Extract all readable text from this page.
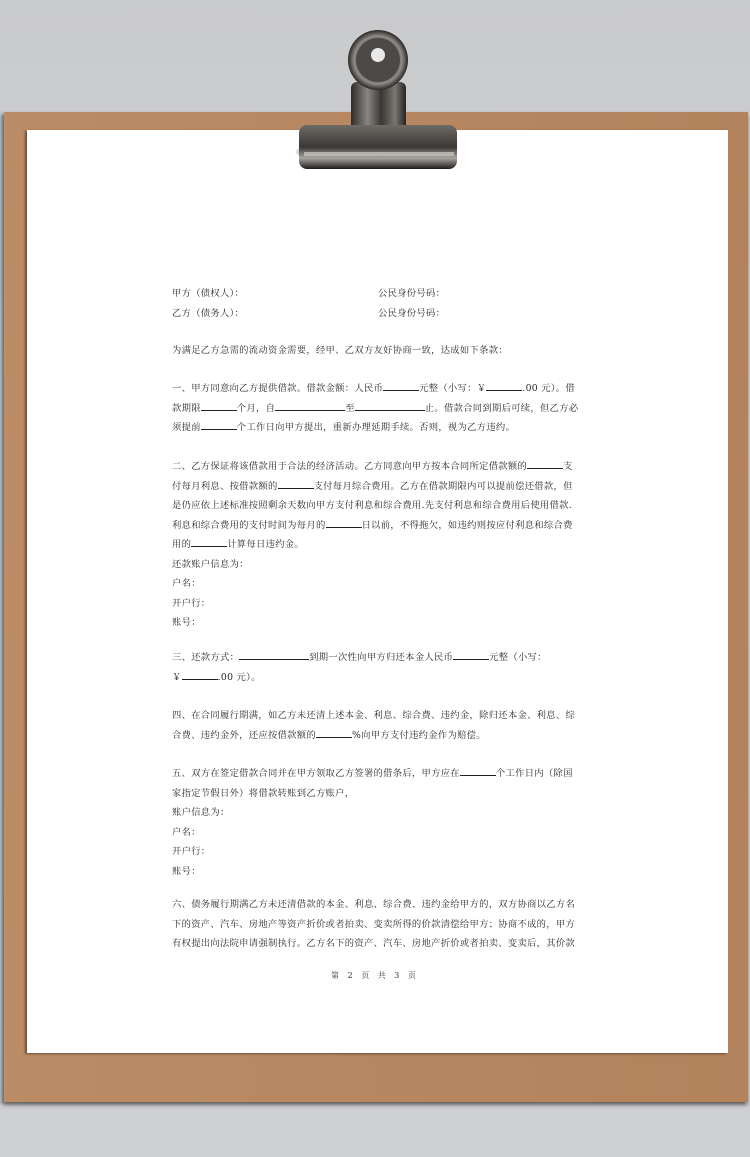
甲方（债权人）：	公民身份号码：
乙方（债务人）：	公民身份号码：
为满足乙方急需的流动资金需要，经甲、乙双方友好协商一致，达成如下条款：
一、甲方同意向乙方提供借款。借款金额：人民币	元整（小写：￥	.00 元）。借
款期限	个月，自	至	止。借款合同到期后可续，但乙方必
须提前	个工作日向甲方提出，重新办理延期手续。否则，视为乙方违约。
二、乙方保证将该借款用于合法的经济活动。乙方同意向甲方按本合同所定借款额的	支
付每月利息、按借款额的	支付每月综合费用。乙方在借款期限内可以提前偿还借款，但
是仍应依上述标准按照剩余天数向甲方支付利息和综合费用.先支付利息和综合费用后使用借款.
利息和综合费用的支付时间为每月的	日以前，不得拖欠，如违约则按应付利息和综合费
用的	计算每日违约金。
还款账户信息为：
户名：
开户行：
账号：
三、还款方式：	到期一次性向甲方归还本金人民币	元整（小写：
￥	.00 元）。
四、在合同履行期满，如乙方未还清上述本金、利息、综合费、违约金，除归还本金、利息、综
合费、违约金外，还应按借款额的	%向甲方支付违约金作为赔偿。
五、双方在签定借款合同并在甲方领取乙方签署的借条后，甲方应在	个工作日内（除国
家指定节假日外）将借款转账到乙方账户，
账户信息为：
户名：
开户行：
账号：
六、债务履行期满乙方未还清借款的本金、利息、综合费、违约金给甲方的，双方协商以乙方名
下的资产、汽车、房地产等资产折价或者拍卖、变卖所得的价款清偿给甲方；协商不成的，甲方
有权提出向法院申请强制执行。乙方名下的资产、汽车、房地产折价或者拍卖、变卖后，其价款
第 2 页 共 3 页
